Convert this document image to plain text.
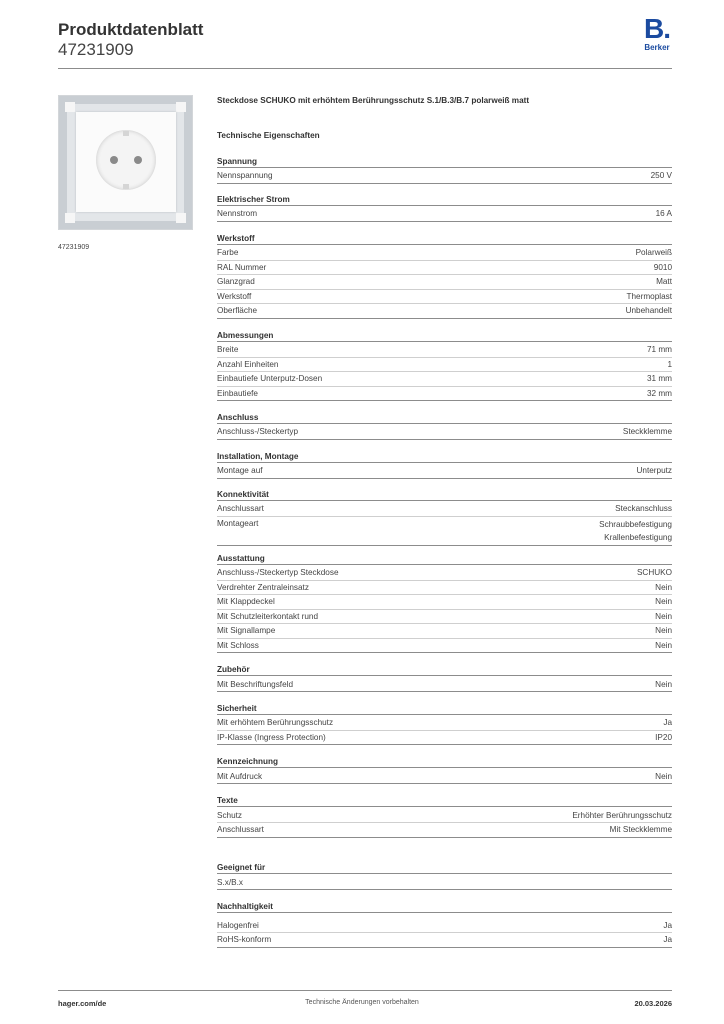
Produktdatenblatt
47231909
B.
Berker
47231909
Steckdose SCHUKO mit erhöhtem Berührungsschutz S.1/B.3/B.7 polarweiß matt
Technische Eigenschaften
Spannung
Nennspannung	250 V
Elektrischer Strom
Nennstrom	16 A
Werkstoff
Farbe	Polarweiß
RAL Nummer	9010
Glanzgrad	Matt
Werkstoff	Thermoplast
Oberfläche	Unbehandelt
Abmessungen
Breite	71 mm
Anzahl Einheiten	1
Einbautiefe Unterputz-Dosen	31 mm
Einbautiefe	32 mm
Anschluss
Anschluss-/Steckertyp	Steckklemme
Installation, Montage
Montage auf	Unterputz
Konnektivität
Anschlussart	Steckanschluss
Montageart	Schraubbefestigung
Krallenbefestigung
Ausstattung
Anschluss-/Steckertyp Steckdose	SCHUKO
Verdrehter Zentraleinsatz	Nein
Mit Klappdeckel	Nein
Mit Schutzleiterkontakt rund	Nein
Mit Signallampe	Nein
Mit Schloss	Nein
Zubehör
Mit Beschriftungsfeld	Nein
Sicherheit
Mit erhöhtem Berührungsschutz	Ja
IP-Klasse (Ingress Protection)	IP20
Kennzeichnung
Mit Aufdruck	Nein
Texte
Schutz	Erhöhter Berührungsschutz
Anschlussart	Mit Steckklemme
Geeignet für
S.x/B.x
Nachhaltigkeit
Halogenfrei	Ja
RoHS-konform	Ja
hager.com/de	Technische Änderungen vorbehalten	20.03.2026
